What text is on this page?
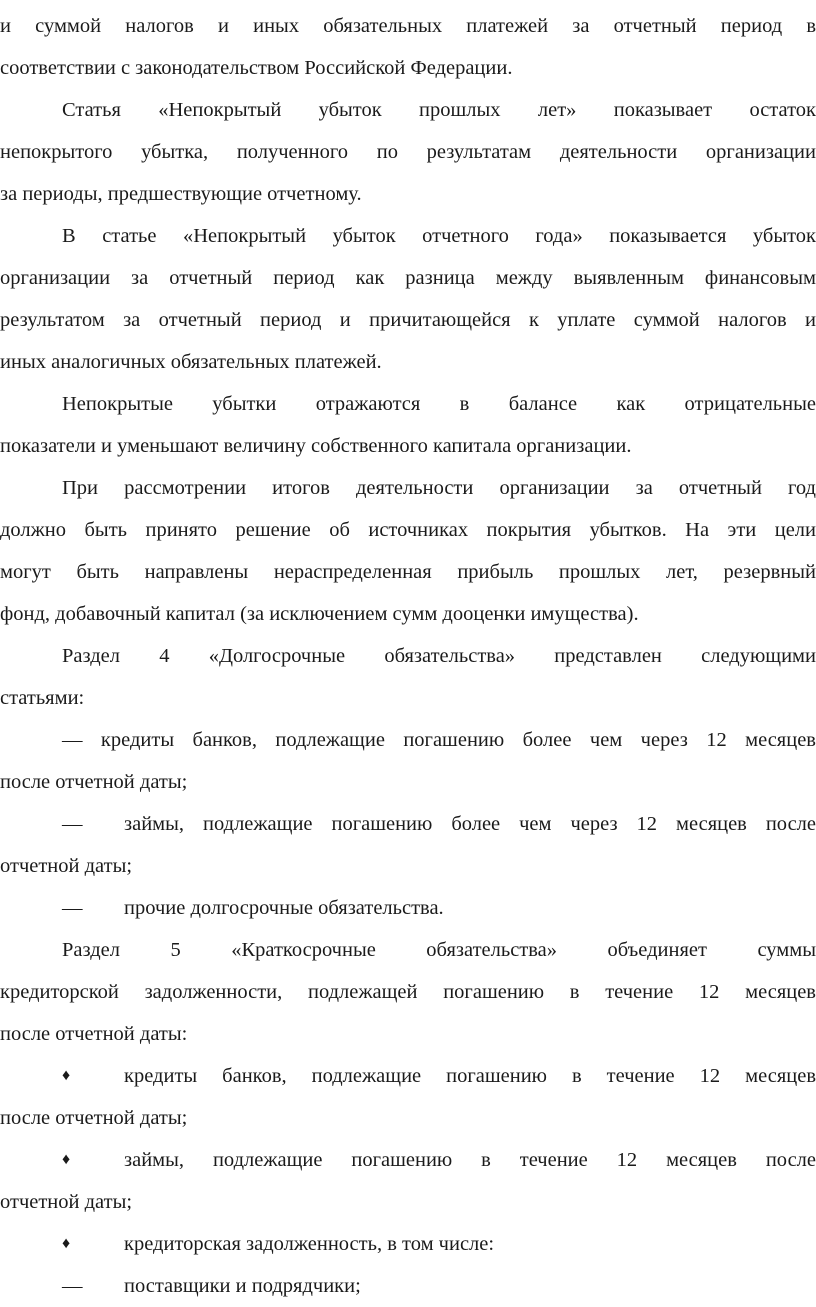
и суммой налогов и иных обязательных платежей за отчетный период в
соответствии с законодательством Российской Федерации.
Статья «Непокрытый убыток прошлых лет» показывает остаток
непокрытого убытка, полученного по результатам деятельности организации
за периоды, предшествующие отчетному.
В статье «Непокрытый убыток отчетного года» показывается убыток
организации за отчетный период как разница между выявленным финансовым
результатом за отчетный период и причитающейся к уплате суммой налогов и
иных аналогичных обязательных платежей.
Непокрытые убытки отражаются в балансе как отрицательные
показатели и уменьшают величину собственного капитала организации.
При рассмотрении итогов деятельности организации за отчетный год
должно быть принято решение об источниках покрытия убытков. На эти цели
могут быть направлены нераспределенная прибыль прошлых лет, резервный
фонд, добавочный капитал (за исключением сумм дооценки имущества).
Раздел 4 «Долгосрочные обязательства» представлен следующими
статьями:
— кредиты банков, подлежащие погашению более чем через 12 месяцев
после отчетной даты;
— займы, подлежащие погашению более чем через 12 месяцев после
отчетной даты;
— прочие долгосрочные обязательства.
Раздел 5 «Краткосрочные обязательства» объединяет суммы
кредиторской задолженности, подлежащей погашению в течение 12 месяцев
после отчетной даты:
♦	кредиты банков, подлежащие погашению в течение 12 месяцев
после отчетной даты;
♦	займы, подлежащие погашению в течение 12 месяцев после
отчетной даты;
♦	кредиторская задолженность, в том числе:
— поставщики и подрядчики;
